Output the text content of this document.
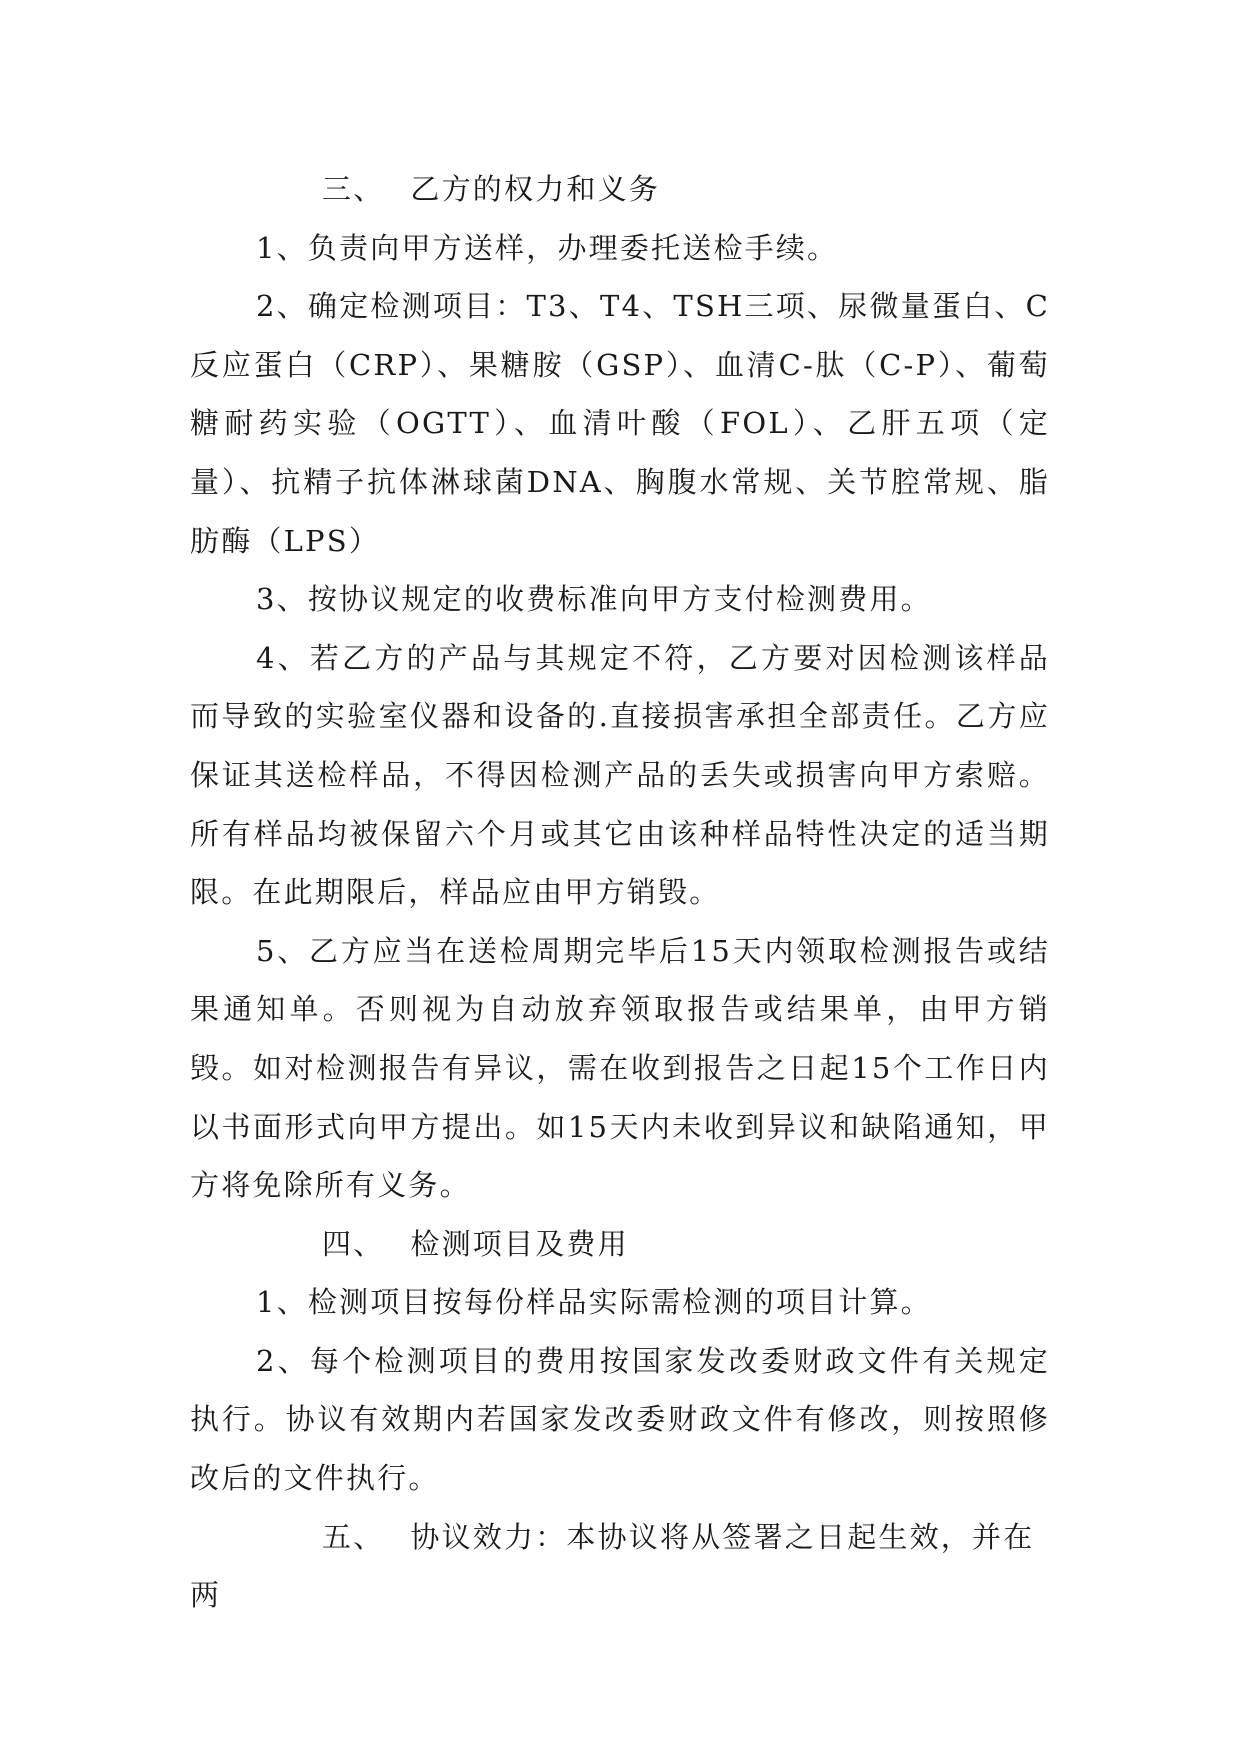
三、 乙方的权力和义务

1、负责向甲方送样，办理委托送检手续。

2、确定检测项目：T3、T4、TSH三项、尿微量蛋白、C反应蛋白（CRP）、果糖胺（GSP）、血清C-肽（C-P）、葡萄糖耐药实验（OGTT）、血清叶酸（FOL）、乙肝五项（定量）、抗精子抗体淋球菌DNA、胸腹水常规、关节腔常规、脂肪酶（LPS）

3、按协议规定的收费标准向甲方支付检测费用。

4、若乙方的产品与其规定不符，乙方要对因检测该样品而导致的实验室仪器和设备的.直接损害承担全部责任。乙方应保证其送检样品，不得因检测产品的丢失或损害向甲方索赔。所有样品均被保留六个月或其它由该种样品特性决定的适当期限。在此期限后，样品应由甲方销毁。

5、乙方应当在送检周期完毕后15天内领取检测报告或结果通知单。否则视为自动放弃领取报告或结果单，由甲方销毁。如对检测报告有异议，需在收到报告之日起15个工作日内以书面形式向甲方提出。如15天内未收到异议和缺陷通知，甲方将免除所有义务。

四、 检测项目及费用

1、检测项目按每份样品实际需检测的项目计算。

2、每个检测项目的费用按国家发改委财政文件有关规定执行。协议有效期内若国家发改委财政文件有修改，则按照修改后的文件执行。

五、 协议效力：本协议将从签署之日起生效，并在两
